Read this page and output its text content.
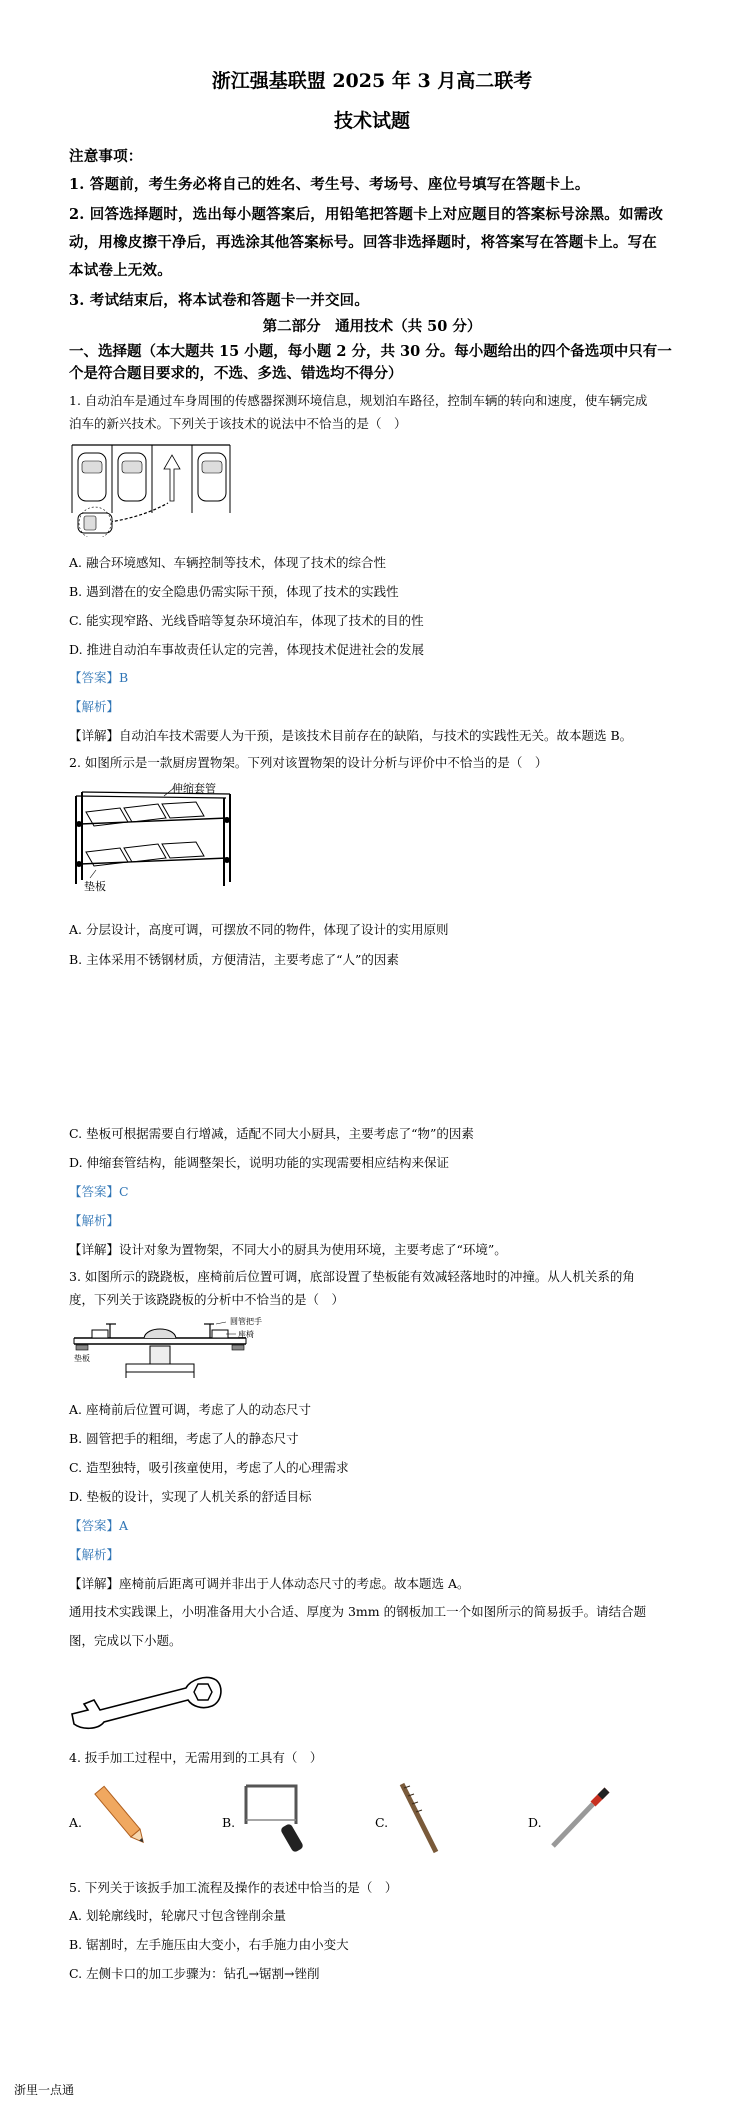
浙江强基联盟 2025 年 3 月高二联考
技术试题
注意事项：
1. 答题前，考生务必将自己的姓名、考生号、考场号、座位号填写在答题卡上。
2. 回答选择题时，选出每小题答案后，用铅笔把答题卡上对应题目的答案标号涂黑。如需改
动，用橡皮擦干净后，再选涂其他答案标号。回答非选择题时，将答案写在答题卡上。写在
本试卷上无效。
3. 考试结束后，将本试卷和答题卡一并交回。
第二部分　通用技术（共 50 分）
一、选择题（本大题共 15 小题，每小题 2 分，共 30 分。每小题给出的四个备选项中只有一
个是符合题目要求的，不选、多选、错选均不得分）
1. 自动泊车是通过车身周围的传感器探测环境信息，规划泊车路径，控制车辆的转向和速度，使车辆完成
泊车的新兴技术。下列关于该技术的说法中不恰当的是（　）
A. 融合环境感知、车辆控制等技术，体现了技术的综合性
B. 遇到潜在的安全隐患仍需实际干预，体现了技术的实践性
C. 能实现窄路、光线昏暗等复杂环境泊车，体现了技术的目的性
D. 推进自动泊车事故责任认定的完善，体现技术促进社会的发展
【答案】B
【解析】
【详解】自动泊车技术需要人为干预，是该技术目前存在的缺陷，与技术的实践性无关。故本题选 B。
2. 如图所示是一款厨房置物架。下列对该置物架的设计分析与评价中不恰当的是（　）
伸缩套管
垫板
A. 分层设计，高度可调，可摆放不同的物件，体现了设计的实用原则
B. 主体采用不锈钢材质，方便清洁，主要考虑了“人”的因素
C. 垫板可根据需要自行增减，适配不同大小厨具，主要考虑了“物”的因素
D. 伸缩套管结构，能调整架长，说明功能的实现需要相应结构来保证
【答案】C
【解析】
【详解】设计对象为置物架，不同大小的厨具为使用环境，主要考虑了“环境”。
3. 如图所示的跷跷板，座椅前后位置可调，底部设置了垫板能有效减轻落地时的冲撞。从人机关系的角
度，下列关于该跷跷板的分析中不恰当的是（　）
圆管把手
座椅
垫板
A. 座椅前后位置可调，考虑了人的动态尺寸
B. 圆管把手的粗细，考虑了人的静态尺寸
C. 造型独特，吸引孩童使用，考虑了人的心理需求
D. 垫板的设计，实现了人机关系的舒适目标
【答案】A
【解析】
【详解】座椅前后距离可调并非出于人体动态尺寸的考虑。故本题选 A。
通用技术实践课上，小明准备用大小合适、厚度为 3mm 的钢板加工一个如图所示的简易扳手。请结合题
图，完成以下小题。
4. 扳手加工过程中，无需用到的工具有（　）
A.	B.	C.	D.
5. 下列关于该扳手加工流程及操作的表述中恰当的是（　）
A. 划轮廓线时，轮廓尺寸包含锉削余量
B. 锯割时，左手施压由大变小，右手施力由小变大
C. 左侧卡口的加工步骤为：钻孔→锯割→锉削
浙里一点通
